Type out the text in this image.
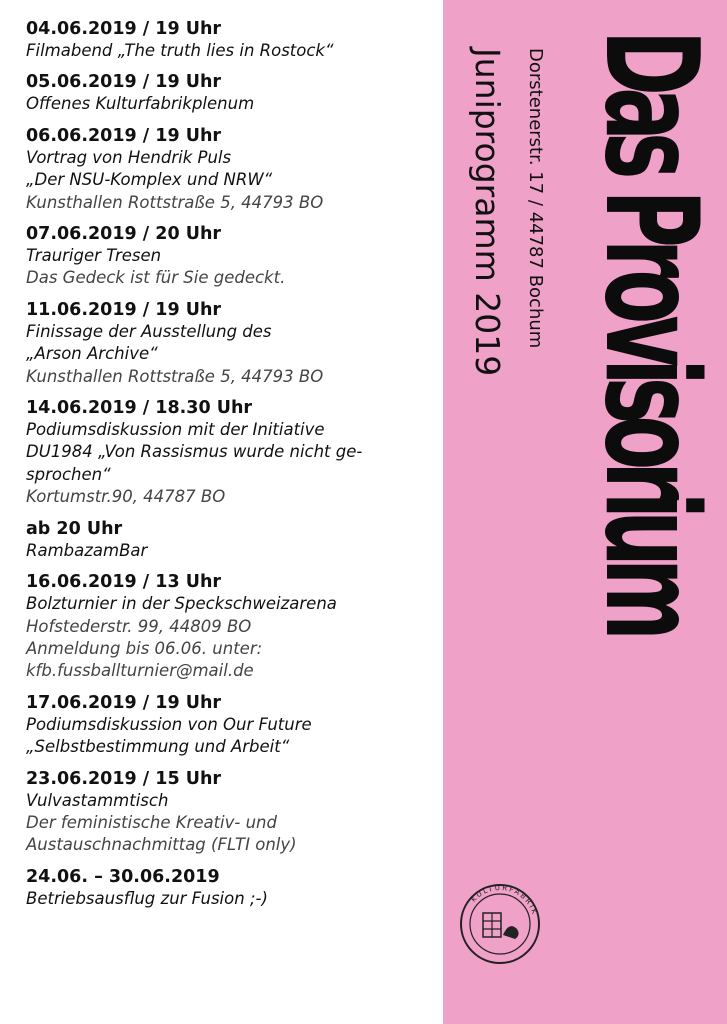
04.06.2019 / 19 Uhr
Filmabend „The truth lies in Rostock“
05.06.2019 / 19 Uhr
Offenes Kulturfabrikplenum
06.06.2019 / 19 Uhr
Vortrag von Hendrik Puls
„Der NSU-Komplex und NRW“
Kunsthallen Rottstraße 5, 44793 BO
07.06.2019 / 20 Uhr
Trauriger Tresen
Das Gedeck ist für Sie gedeckt.
11.06.2019 / 19 Uhr
Finissage der Ausstellung des
„Arson Archive“
Kunsthallen Rottstraße 5, 44793 BO
14.06.2019 / 18.30 Uhr
Podiumsdiskussion mit der Initiative
DU1984 „Von Rassismus wurde nicht ge-
sprochen“
Kortumstr.90, 44787 BO
ab 20 Uhr
RambazamBar
16.06.2019 / 13 Uhr
Bolzturnier in der Speckschweizarena
Hofstederstr. 99, 44809 BO
Anmeldung bis 06.06. unter:
kfb.fussballturnier@mail.de
17.06.2019 / 19 Uhr
Podiumsdiskussion von Our Future
„Selbstbestimmung und Arbeit“
23.06.2019 / 15 Uhr
Vulvastammtisch
Der feministische Kreativ- und
Austauschnachmittag (FLTI only)
24.06. – 30.06.2019
Betriebsausflug zur Fusion ;-)
Das Provisorium
Dorstenerstr. 17 / 44787 Bochum
Juniprogramm 2019
KULTURFABRIK
